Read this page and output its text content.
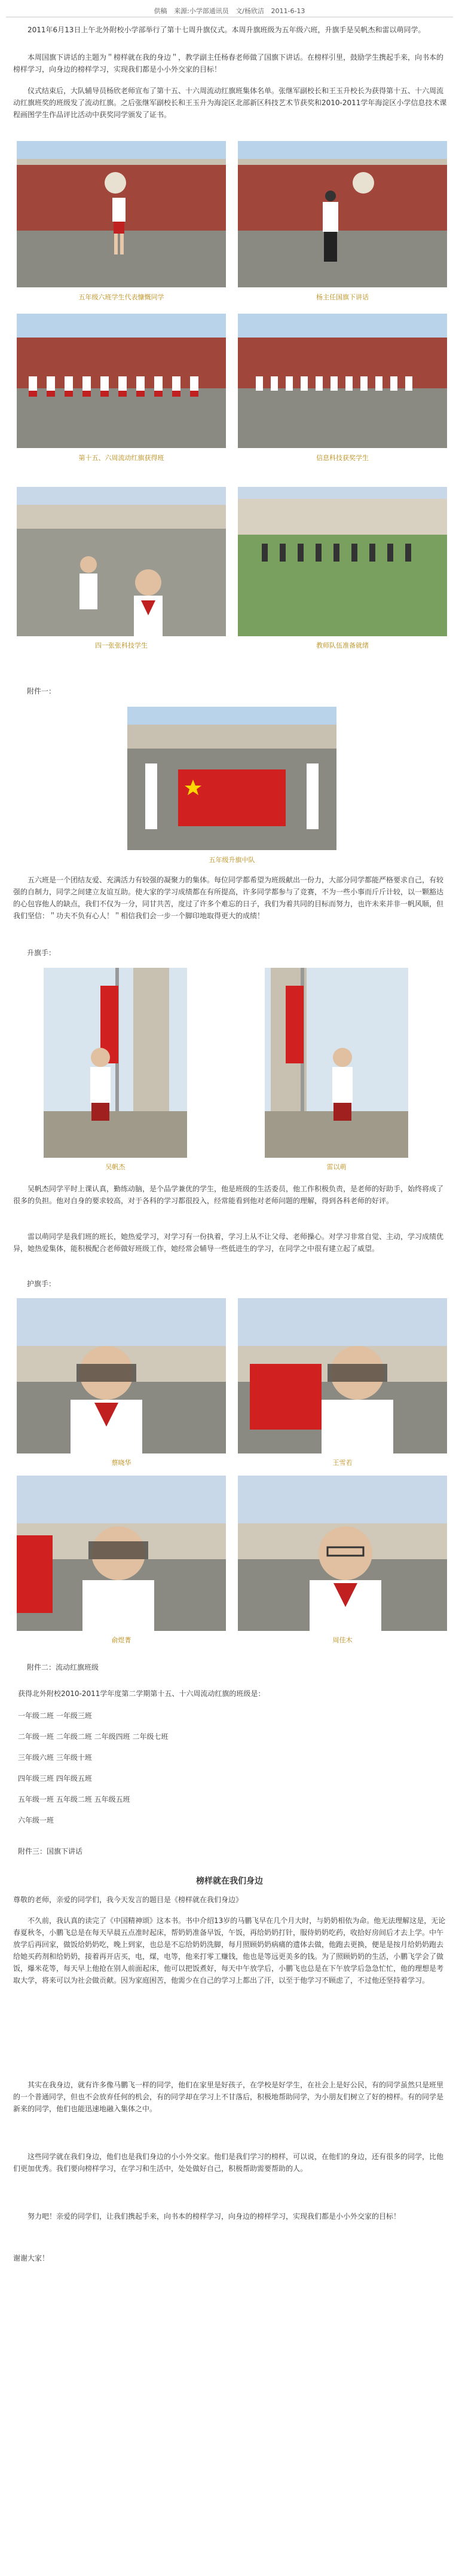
供稿 来源:小学部通讯员 文/杨欣洁 2011-6-13

2011年6月13日上午北外附校小学部举行了第十七周升旗仪式。本周升旗班级为五年级六班，升旗手是吴帆杰和雷以萌同学。

本周国旗下讲话的主题为＂榜样就在我的身边＂，教学副主任杨春老师做了国旗下讲话。在榜样引里，鼓励学生携起手来，向书本的榜样学习，向身边的榜样学习，实现我们都是小小外交家的目标！

仪式结束后，大队辅导员杨欣老师宣布了第十五、十六周流动红旗班集体名单。张继军副校长和王玉升校长为获得第十五、十六周流动红旗班奖的班级发了流动红旗。之后张继军副校长和王玉升为海淀区北部新区科技艺术节获奖和2010-2011学年海淀区小学信息技术课程画图学生作品评比活动中获奖同学颁发了证书。

五年级六班学生代表慷慨同学	杨主任国旗下讲话
第十五、六周流动红旗获得班	信息科技获奖学生
四一张张科技学生	教师队伍准备就绪
附件一：
五年级升旗中队

五六班是一个团结友爱、充满活力有较强的凝聚力的集体。每位同学都希望为班级献出一份力，大部分同学都能严格要求自己，有较强的自制力，同学之间建立友谊互助。使大家的学习成绩都在有所提高，许多同学都参与了竞赛，不为一些小事而斤斤计较，以一颗豁达的心包容他人的缺点，我们不仅为一分，同甘共苦，度过了许多个难忘的日子，我们为着共同的目标而努力，也许未来并非一帆风顺，但我们坚信：＂功夫不负有心人！＂相信我们会一步一个脚印地取得更大的成绩！

升旗手：
吴帆杰	雷以萌

吴帆杰同学平时上课认真，勤练动脑，是个品学兼优的学生，他是班级的生活委员，他工作积极负责，是老师的好助手，始终将成了很多的负担。他对自身的要求较高，对于各科的学习都很投入，经常能看到他对老师问题的理解，得到各科老师的好评。

雷以萌同学是我们班的班长，她热爱学习，对学习有一份执着，学习上从不让父母、老师操心。对学习非常自觉、主动，学习成绩优异，她热爱集体，能积极配合老师做好班级工作，她经常会辅导一些低进生的学习，在同学之中很有建立起了威望。

护旗手：
蔡晓华	王雪若
俞煜菁	周佳木
附件二：流动红旗班级
获得北外附校2010-2011学年度第二学期第十五、十六周流动红旗的班级是：
一年级二班 一年级三班
二年级一班 二年级二班 二年级四班 二年级七班
三年级六班 三年级十班
四年级三班 四年级五班
五年级一班 五年级二班 五年级五班
六年级一班
附件三：国旗下讲话
榜样就在我们身边
尊敬的老师，亲爱的同学们，我今天发言的题目是《榜样就在我们身边》

不久前，我认真的读完了《中国精神颂》这本书。书中介绍13岁的马鹏飞早在几个月大时，与奶奶相依为命。他无法理解这是，无论春夏秋冬，小鹏飞总是在每天早晨五点准时起床，帮奶奶准备早饭，午饭，再给奶奶打针，服侍奶奶吃药，收拾好房间后才去上学。中午放学后再回家，做饭给奶奶吃，晚上到家，也总是不忘给奶奶洗脚，每月照顾奶奶病痛的遗体去做，他跑去更换，便是是按月给奶奶跑去给她买药剂和给奶奶，接着再开店买，电，煤，电等，他来打零工赚钱，他也是等远更美多的钱。为了照顾奶奶的生活，小鹏飞学会了做饭，爆米花等，每天早上他抢在别人前面起床，他可以把饭煮好，每天中午放学后，小鹏飞也总是在下午放学后急急忙忙，他的理想是考取大学，将来可以为社会做贡献。因为家庭困苦，他需少在自己的学习上都出了汗，以至于他学习不顾虑了，不过他还坚持着学习。

其实在我身边，就有许多像马鹏飞一样的同学，他们在家里是好孩子，在学校是好学生，在社会上是好公民，有的同学虽然只是班里的一个普通同学，但也不会放弃任何的机会，有的同学却在学习上不甘落后，积极地帮助同学，为小朋友们树立了好的榜样。有的同学是新来的同学，他们也能迅速地融入集体之中。

这些同学就在我们身边，他们也是我们身边的小小外交家。他们是我们学习的榜样，可以说，在他们的身边，还有很多的同学，比他们更加优秀。我们要向榜样学习，在学习和生活中，处处做好自己，积极帮助需要帮助的人。

努力吧！亲爱的同学们，让我们携起手来，向书本的榜样学习，向身边的榜样学习，实现我们都是小小外交家的目标！

谢谢大家！
